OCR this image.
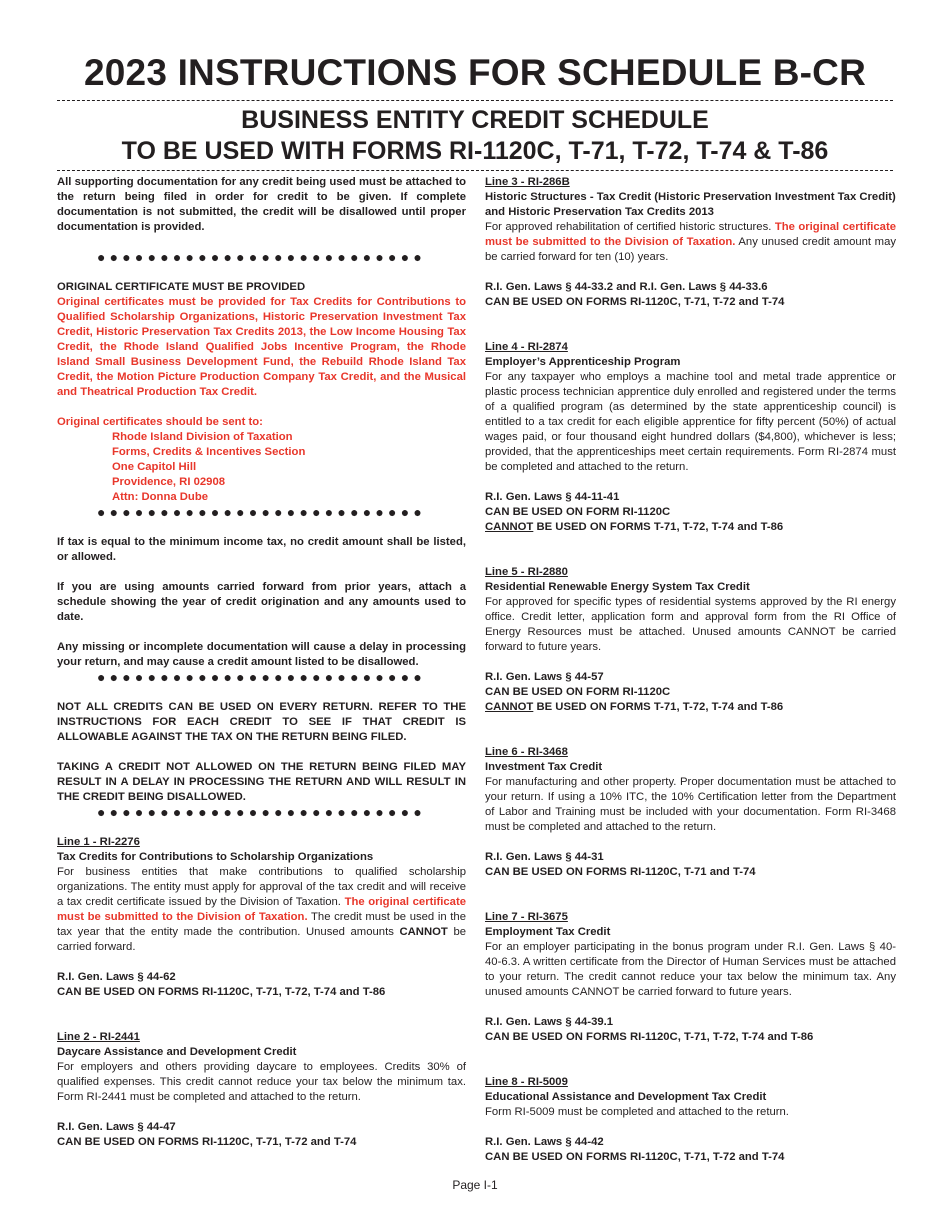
2023 INSTRUCTIONS FOR SCHEDULE B-CR
BUSINESS ENTITY CREDIT SCHEDULE
TO BE USED WITH FORMS RI-1120C, T-71, T-72, T-74 & T-86

All supporting documentation for any credit being used must be attached to the return being filed in order for credit to be given. If complete documentation is not submitted, the credit will be disallowed until proper documentation is provided.

●●●●●●●●●●●●●●●●●●●●●●●●●●

ORIGINAL CERTIFICATE MUST BE PROVIDED

Original certificates must be provided for Tax Credits for Contributions to Qualified Scholarship Organizations, Historic Preservation Investment Tax Credit, Historic Preservation Tax Credits 2013, the Low Income Housing Tax Credit, the Rhode Island Qualified Jobs Incentive Program, the Rhode Island Small Business Development Fund, the Rebuild Rhode Island Tax Credit, the Motion Picture Production Company Tax Credit, and the Musical and Theatrical Production Tax Credit.

Original certificates should be sent to:

Rhode Island Division of Taxation
Forms, Credits & Incentives Section
One Capitol Hill
Providence, RI 02908
Attn: Donna Dube

●●●●●●●●●●●●●●●●●●●●●●●●●●

If tax is equal to the minimum income tax, no credit amount shall be listed, or allowed.

If you are using amounts carried forward from prior years, attach a schedule showing the year of credit origination and any amounts used to date.

Any missing or incomplete documentation will cause a delay in processing your return, and may cause a credit amount listed to be disallowed.

●●●●●●●●●●●●●●●●●●●●●●●●●●

NOT ALL CREDITS CAN BE USED ON EVERY RETURN. REFER TO THE INSTRUCTIONS FOR EACH CREDIT TO SEE IF THAT CREDIT IS ALLOWABLE AGAINST THE TAX ON THE RETURN BEING FILED.

TAKING A CREDIT NOT ALLOWED ON THE RETURN BEING FILED MAY RESULT IN A DELAY IN PROCESSING THE RETURN AND WILL RESULT IN THE CREDIT BEING DISALLOWED.

●●●●●●●●●●●●●●●●●●●●●●●●●●

Line 1 - RI-2276

Tax Credits for Contributions to Scholarship Organizations

For business entities that make contributions to qualified scholarship organizations. The entity must apply for approval of the tax credit and will receive a tax credit certificate issued by the Division of Taxation. The original certificate must be submitted to the Division of Taxation. The credit must be used in the tax year that the entity made the contribution. Unused amounts CANNOT be carried forward.

R.I. Gen. Laws § 44-62

CAN BE USED ON FORMS RI-1120C, T-71, T-72, T-74 and T-86

Line 2 - RI-2441

Daycare Assistance and Development Credit

For employers and others providing daycare to employees. Credits 30% of qualified expenses. This credit cannot reduce your tax below the minimum tax. Form RI-2441 must be completed and attached to the return.

R.I. Gen. Laws § 44-47

CAN BE USED ON FORMS RI-1120C, T-71, T-72 and T-74

Line 3 - RI-286B

Historic Structures - Tax Credit (Historic Preservation Investment Tax Credit) and Historic Preservation Tax Credits 2013

For approved rehabilitation of certified historic structures. The original certificate must be submitted to the Division of Taxation. Any unused credit amount may be carried forward for ten (10) years.

R.I. Gen. Laws § 44-33.2 and R.I. Gen. Laws § 44-33.6

CAN BE USED ON FORMS RI-1120C, T-71, T-72 and T-74

Line 4 - RI-2874

Employer’s Apprenticeship Program

For any taxpayer who employs a machine tool and metal trade apprentice or plastic process technician apprentice duly enrolled and registered under the terms of a qualified program (as determined by the state apprenticeship council) is entitled to a tax credit for each eligible apprentice for fifty percent (50%) of actual wages paid, or four thousand eight hundred dollars ($4,800), whichever is less; provided, that the apprenticeships meet certain requirements. Form RI-2874 must be completed and attached to the return.

R.I. Gen. Laws § 44-11-41

CAN BE USED ON FORM RI-1120C

CANNOT BE USED ON FORMS T-71, T-72, T-74 and T-86

Line 5 - RI-2880

Residential Renewable Energy System Tax Credit

For approved for specific types of residential systems approved by the RI energy office. Credit letter, application form and approval form from the RI Office of Energy Resources must be attached. Unused amounts CANNOT be carried forward to future years.

R.I. Gen. Laws § 44-57

CAN BE USED ON FORM RI-1120C

CANNOT BE USED ON FORMS T-71, T-72, T-74 and T-86

Line 6 - RI-3468

Investment Tax Credit

For manufacturing and other property. Proper documentation must be attached to your return. If using a 10% ITC, the 10% Certification letter from the Department of Labor and Training must be included with your documentation. Form RI-3468 must be completed and attached to the return.

R.I. Gen. Laws § 44-31

CAN BE USED ON FORMS RI-1120C, T-71 and T-74

Line 7 - RI-3675

Employment Tax Credit

For an employer participating in the bonus program under R.I. Gen. Laws § 40-40-6.3. A written certificate from the Director of Human Services must be attached to your return. The credit cannot reduce your tax below the minimum tax. Any unused amounts CANNOT be carried forward to future years.

R.I. Gen. Laws § 44-39.1

CAN BE USED ON FORMS RI-1120C, T-71, T-72, T-74 and T-86

Line 8 - RI-5009

Educational Assistance and Development Tax Credit

Form RI-5009 must be completed and attached to the return.

R.I. Gen. Laws § 44-42

CAN BE USED ON FORMS RI-1120C, T-71, T-72 and T-74

Page I-1
